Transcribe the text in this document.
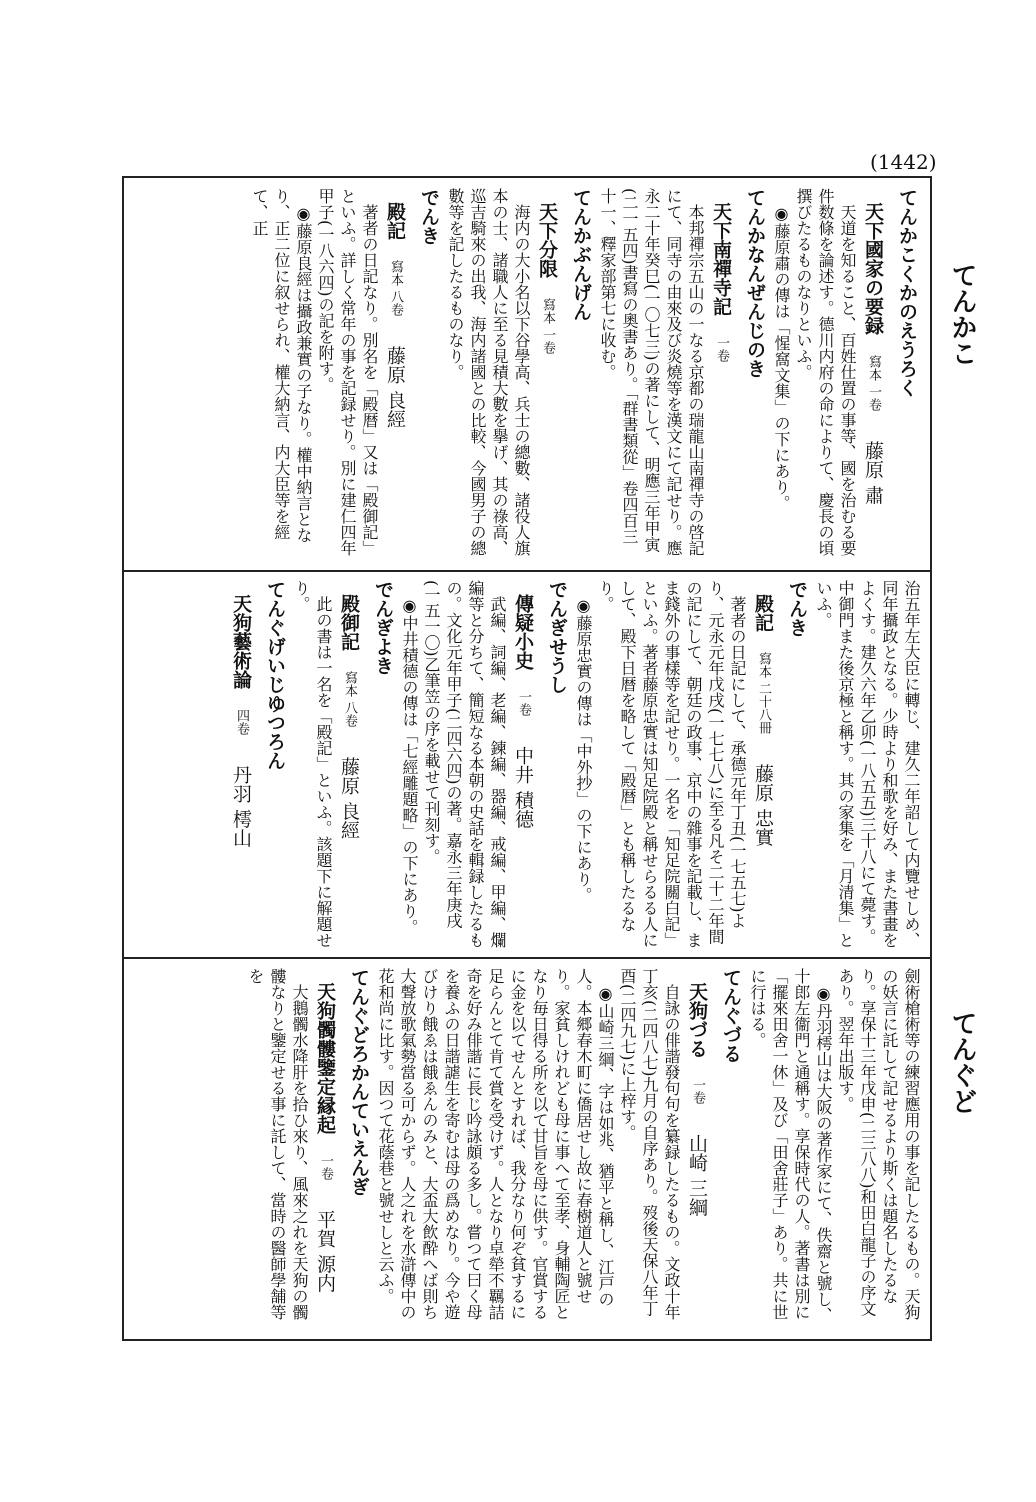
(1442)
てんかこ
てんぐど

てんかこくかのえうろく

天下國家の要録寫本 一卷藤原 肅

天道を知ること、百姓仕置の事等、國を治むる要件数條を論述す。德川内府の命によりて、慶長の頃撰びたるものなりといふ。

◉藤原肅の傳は「惺窩文集」の下にあり。

てんかなんぜんじのき

天下南禪寺記一卷

本邦禪宗五山の一なる京都の瑞龍山南禪寺の啓記にて、同寺の由來及び炎燒等を漢文にて記せり。應永二十年癸巳(一〇七三)の著にして、明應三年甲寅(二一五四)書寫の奧書あり。「群書類從」卷四百三十一、釋家部第七に收む。

てんかぶんげん

天下分限寫本 一卷

海内の大小名以下谷學高、兵士の總數、諸役人旗本の士、諸職人に至る見積大數を擧げ、其の祿高、巡吉騎來の出我、海内諸國との比較、今國男子の總數等を記したるものなり。

でんき

殿記寫本 八卷藤原 良經

著者の日記なり。別名を「殿暦」又は「殿御記」といふ。詳しく常年の事を記録せり。別に建仁四年甲子(一八六四)の記を附す。

◉藤原良經は攝政兼實の子なり。權中納言となり、正二位に叙せられ、權大納言、内大臣等を經て、正

治五年左大臣に轉じ、建久二年詔して内覽せしめ、同年攝政となる。少時より和歌を好み、また書畫をよくす。建久六年乙卯(一八五五)三十八にて薨す。中御門また後京極と稱す。其の家集を「月清集」といふ。

でんき

殿記寫本 二十八冊藤原 忠實

著者の日記にして、承德元年丁丑(一七五七)より、元永元年戊戌(一七七八)に至る凡そ二十二年間の記にして、朝廷の政事、京中の雜事を記載し、まま錢外の事樣等を記せり。一名を「知足院關白記」といふ。著者藤原忠實は知足院殿と稱せらるる人にして、殿下日暦を略して「殿暦」とも稱したるなり。

◉藤原忠實の傳は「中外抄」の下にあり。

でんぎせうし

傳疑小史一卷中井 積德

武編、詞編、老編、鍊編、器編、戒編、甲編、爛編等と分ちて、簡短なる本朝の史話を輯録したるもの。文化元年甲子(二四六四)の著。嘉永三年庚戌(一五一〇)乙筆笠の序を載せて刊刻す。

◉中井積德の傳は「七經雕題略」の下にあり。

でんぎよき

殿御記寫本 八卷藤原 良經

此の書は一名を「殿記」といふ。該題下に解題せり。

てんぐげいじゆつろん

天狗藝術論四卷丹羽 樗山

劍術槍術等の練習應用の事を記したるもの。天狗の妖言に託して記せるより斯くは題名したるなり。享保十三年戊申(二三八八)和田白龍子の序文あり。翌年出版す。

◉丹羽樗山は大阪の著作家にて、佚齋と號し、十郎左衞門と通稱す。享保時代の人。著書は別に「擺來田舍一休」及び「田舍莊子」あり。共に世に行はる。

てんぐづる

天狗づる一卷山崎 三綱

自詠の俳諧發句句を纂録したるもの。文政十年丁亥(二四八七)九月の自序あり。歿後天保八年丁酉(二四九七)に上梓す。

◉山崎三綱、字は如兆、猶平と稱し、江戸の人。本郷春木町に僑居せし故に春樹道人と號せり。家貧しけれども母に事へて至孝、身輔陶匠となり毎日得る所を以て甘旨を母に供す。官賞するに金を以てせんとすれば、我分なり何ぞ貧するに足らんとて肯て賞を受けず。人となり卓犖不羈詰奇を好み俳諧に長じ吟詠頗る多し。嘗つて曰く母を養ふの日諧謔生を寄むは母の爲めなり。今や遊びけり餓ゑは餓ゑんのみと、大盃大飲酔へば則ち大聲放歌氣勢當る可からず。人之れを水滸傳中の花和尚に比す。因つて花蔭巷と號せしと云ふ。

てんぐどろかんていえんぎ

天狗髑髏鑒定縁起一卷平賀 源内

大鵝髑水降肝を拾ひ來り、風來之れを天狗の髑髏なりと鑒定せる事に託して、當時の醫師學舗等を
